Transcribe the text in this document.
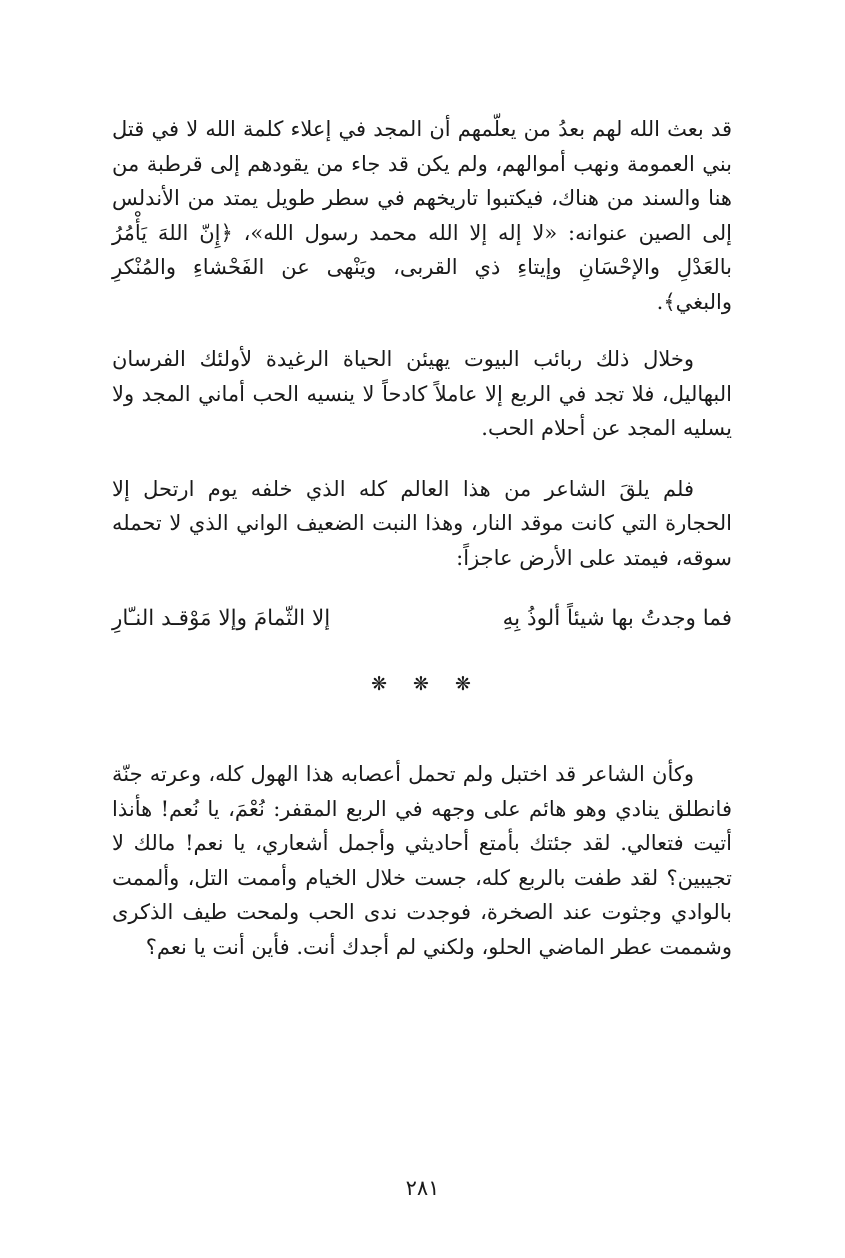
قد بعث الله لهم بعدُ من يعلّمهم أن المجد في إعلاء كلمة الله لا في قتل بني العمومة ونهب أموالهم، ولم يكن قد جاء من يقودهم إلى قرطبة من هنا والسند من هناك، فيكتبوا تاريخهم في سطر طويل يمتد من الأندلس إلى الصين عنوانه: «لا إله إلا الله محمد رسول الله»، ﴿إِنّ اللهَ يَأْمُرُ بالعَدْلِ والإحْسَانِ وإيتاءِ ذي القربى، ويَنْهى عن الفَحْشاءِ والمُنْكرِ والبغي﴾.

وخلال ذلك ربائب البيوت يهيئن الحياة الرغيدة لأولئك الفرسان البهاليل، فلا تجد في الربع إلا عاملاً كادحاً لا ينسيه الحب أماني المجد ولا يسليه المجد عن أحلام الحب.

فلم يلقَ الشاعر من هذا العالم كله الذي خلفه يوم ارتحل إلا الحجارة التي كانت موقد النار، وهذا النبت الضعيف الواني الذي لا تحمله سوقه، فيمتد على الأرض عاجزاً:

فما وجدتُ بها شيئاً ألوذُ بِهِ
إلا الثّمامَ وإلا مَوْقـد النـّارِ
❋ ❋ ❋

وكأن الشاعر قد اختبل ولم تحمل أعصابه هذا الهول كله، وعرته جنّة فانطلق ينادي وهو هائم على وجهه في الربع المقفر: نُعْمَ، يا نُعم! هأنذا أتيت فتعالي. لقد جئتك بأمتع أحاديثي وأجمل أشعاري، يا نعم! مالك لا تجيبين؟ لقد طفت بالربع كله، جست خلال الخيام وأممت التل، وألممت بالوادي وجثوت عند الصخرة، فوجدت ندى الحب ولمحت طيف الذكرى وشممت عطر الماضي الحلو، ولكني لم أجدك أنت. فأين أنت يا نعم؟

٢٨١
